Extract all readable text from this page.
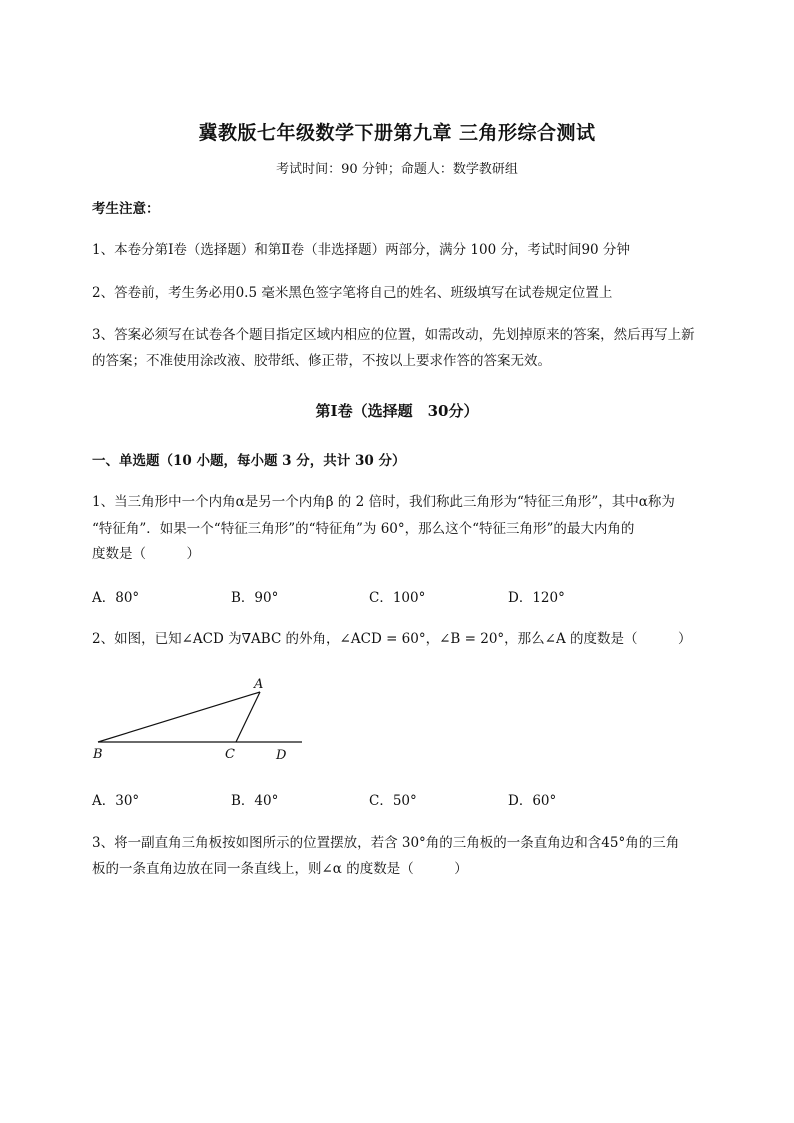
冀教版七年级数学下册第九章 三角形综合测试
考试时间：90 分钟；命题人：数学教研组
考生注意：
1、本卷分第Ⅰ卷（选择题）和第Ⅱ卷（非选择题）两部分，满分 100 分，考试时间90 分钟
2、答卷前，考生务必用0.5 毫米黑色签字笔将自己的姓名、班级填写在试卷规定位置上
3、答案必须写在试卷各个题目指定区域内相应的位置，如需改动，先划掉原来的答案，然后再写上新
的答案；不准使用涂改液、胶带纸、修正带，不按以上要求作答的答案无效。
第Ⅰ卷（选择题　30分）
一、单选题（10 小题，每小题 3 分，共计 30 分）
1、当三角形中一个内角α是另一个内角β 的 2 倍时，我们称此三角形为“特征三角形”，其中α称为
“特征角”．如果一个“特征三角形”的“特征角”为 60°，那么这个“特征三角形”的最大内角的
度数是（　　　）
A．80°	B．90°	C．100°	D．120°
2、如图，已知∠ACD 为∇ABC 的外角，∠ACD = 60°，∠B = 20°，那么∠A 的度数是（　　　）
A
B	C	D
A．30°	B．40°	C．50°	D．60°
3、将一副直角三角板按如图所示的位置摆放，若含 30°角的三角板的一条直角边和含45°角的三角
板的一条直角边放在同一条直线上，则∠α 的度数是（　　　）
